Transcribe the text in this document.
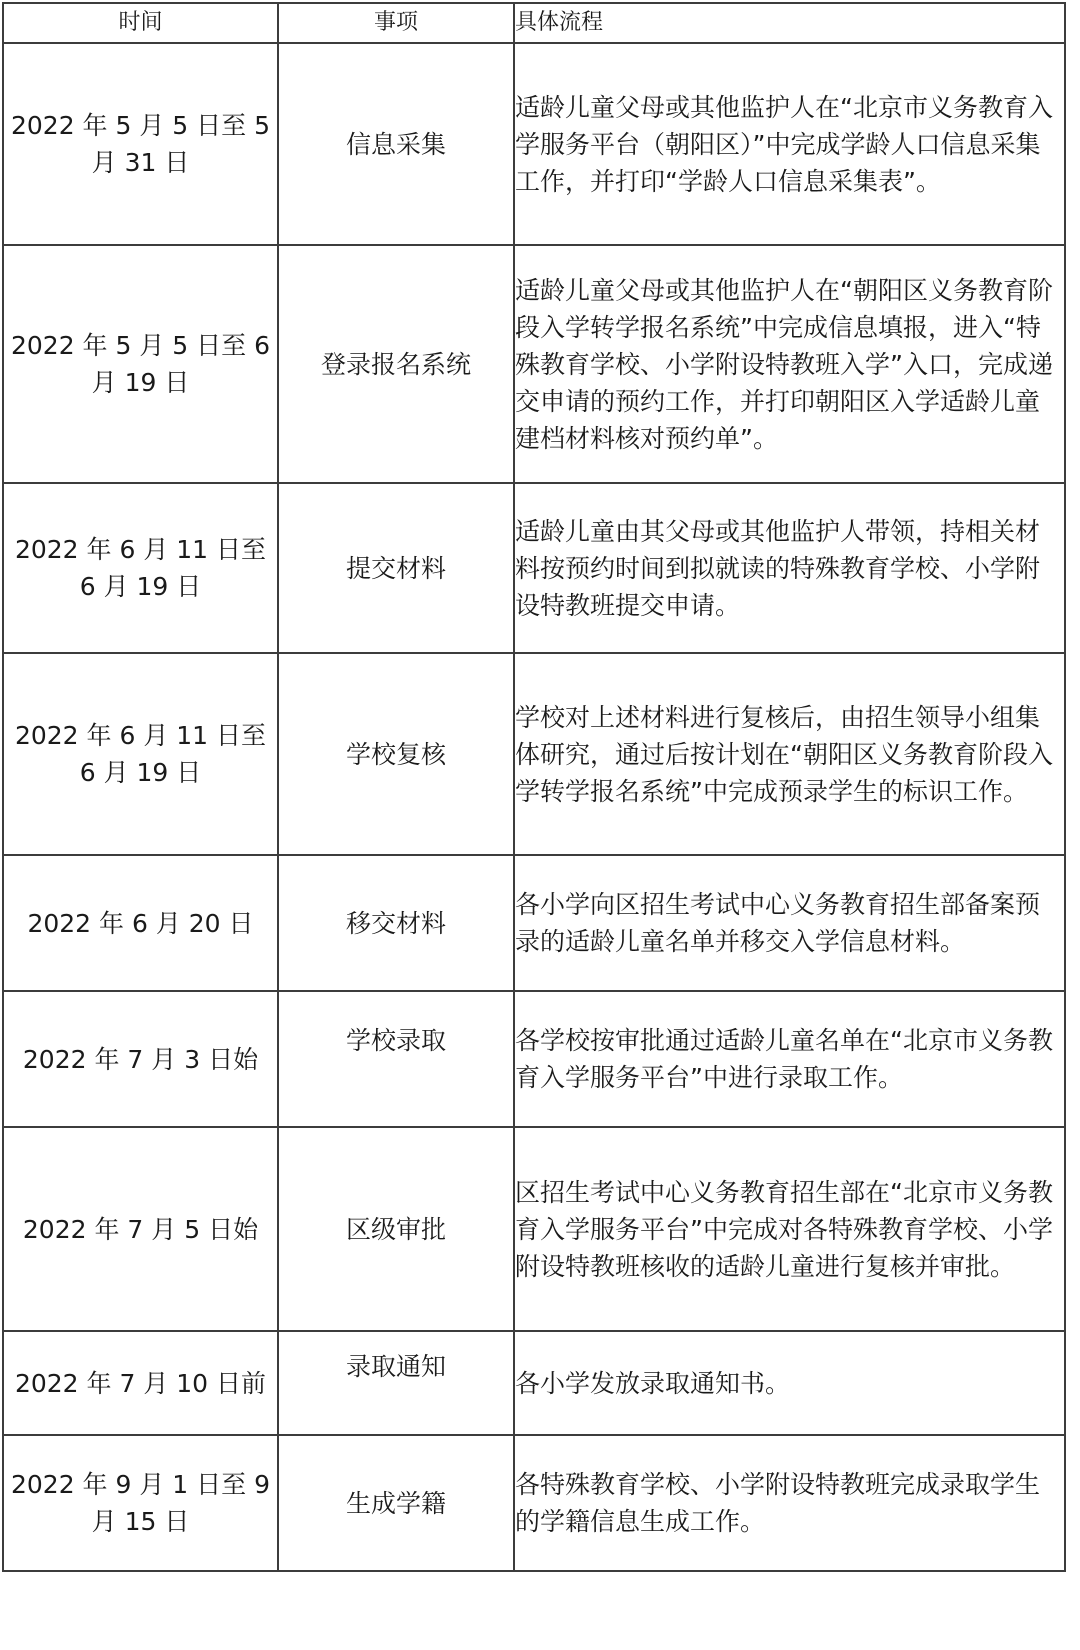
时间	事项	具体流程
2022 年 5 月 5 日至 5 月 31 日	信息采集	适龄儿童父母或其他监护人在“北京市义务教育入学服务平台（朝阳区）”中完成学龄人口信息采集工作，并打印“学龄人口信息采集表”。
2022 年 5 月 5 日至 6 月 19 日	登录报名系统	适龄儿童父母或其他监护人在“朝阳区义务教育阶段入学转学报名系统”中完成信息填报，进入“特殊教育学校、小学附设特教班入学”入口，完成递交申请的预约工作，并打印朝阳区入学适龄儿童建档材料核对预约单”。
2022 年 6 月 11 日至 6 月 19 日	提交材料	适龄儿童由其父母或其他监护人带领，持相关材料按预约时间到拟就读的特殊教育学校、小学附设特教班提交申请。
2022 年 6 月 11 日至 6 月 19 日	学校复核	学校对上述材料进行复核后，由招生领导小组集体研究，通过后按计划在“朝阳区义务教育阶段入学转学报名系统”中完成预录学生的标识工作。
2022 年 6 月 20 日	移交材料	各小学向区招生考试中心义务教育招生部备案预录的适龄儿童名单并移交入学信息材料。
2022 年 7 月 3 日始	学校录取	各学校按审批通过适龄儿童名单在“北京市义务教育入学服务平台”中进行录取工作。
2022 年 7 月 5 日始	区级审批	区招生考试中心义务教育招生部在“北京市义务教育入学服务平台”中完成对各特殊教育学校、小学附设特教班核收的适龄儿童进行复核并审批。
2022 年 7 月 10 日前	录取通知	各小学发放录取通知书。
2022 年 9 月 1 日至 9 月 15 日	生成学籍	各特殊教育学校、小学附设特教班完成录取学生的学籍信息生成工作。
